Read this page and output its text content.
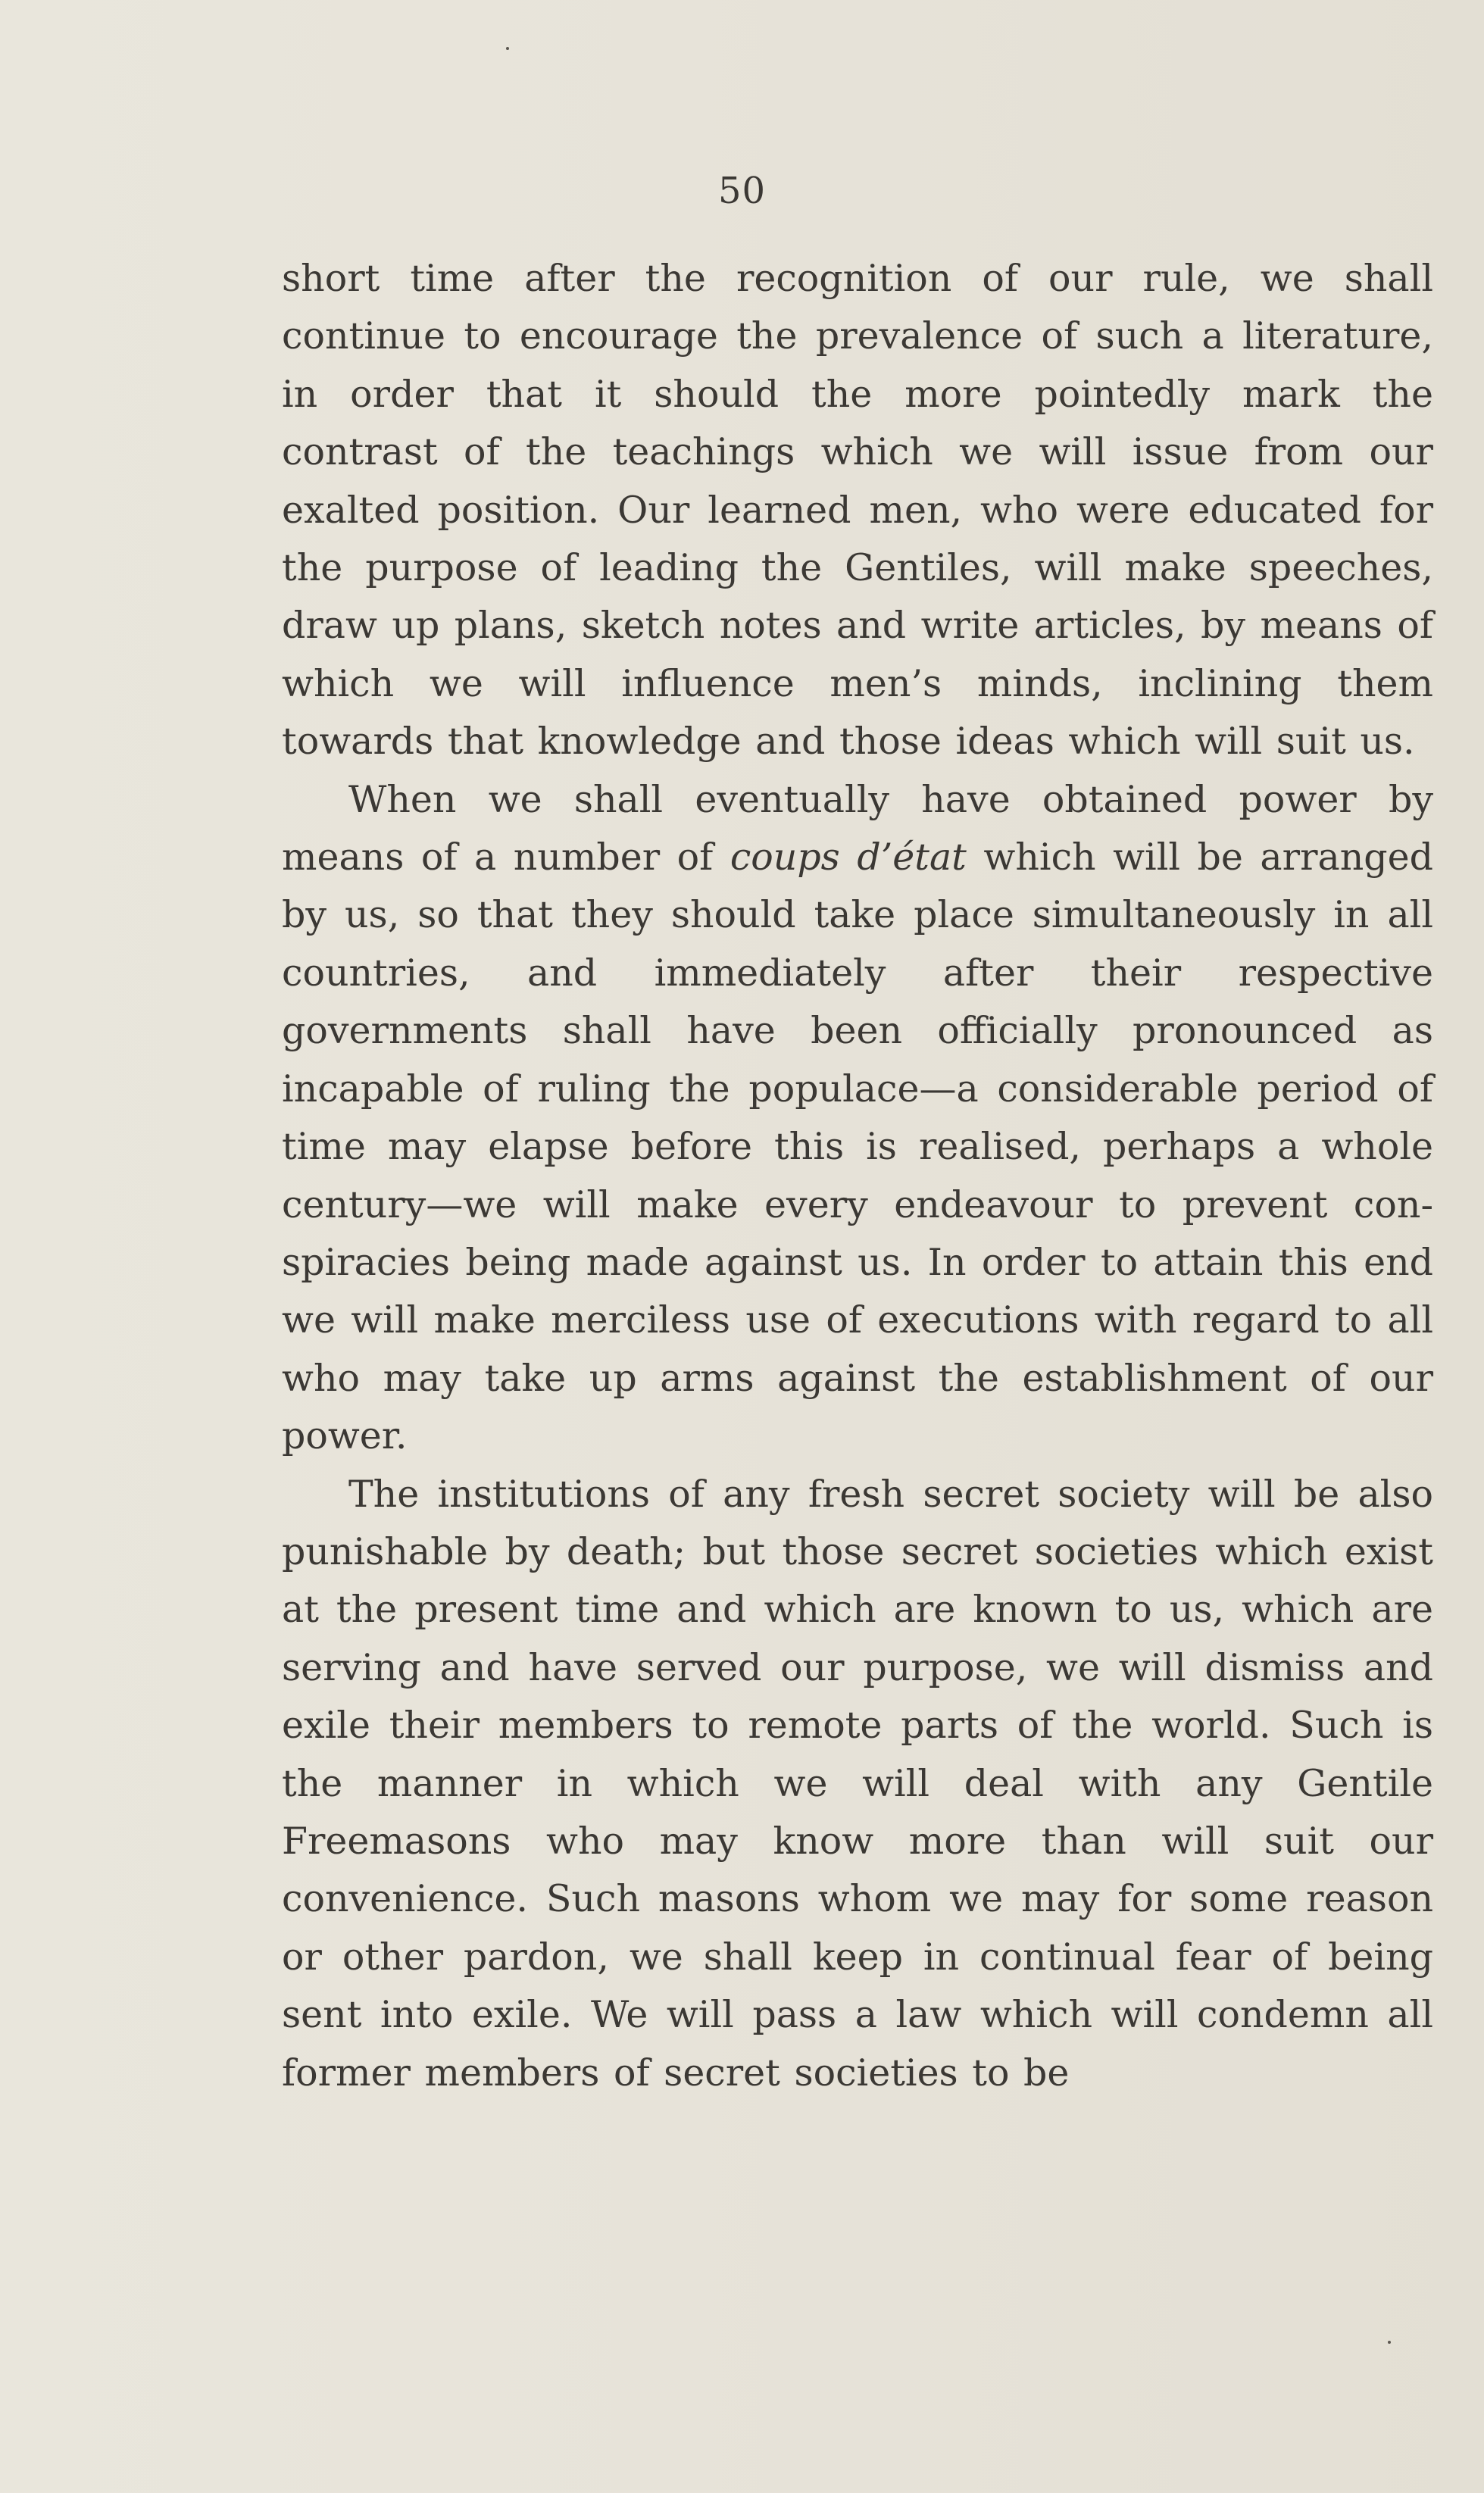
50

short time after the recognition of our rule, we shall continue to encourage the prevalence of such a literature, in order that it should the more pointedly mark the contrast of the teachings which we will issue from our exalted position. Our learned men, who were educated for the purpose of leading the Gentiles, will make speeches, draw up plans, sketch notes and write articles, by means of which we will influence men’s minds, inclining them towards that knowledge and those ideas which will suit us.

When we shall eventually have obtained power by means of a number of coups d’état which will be arranged by us, so that they should take place simultaneously in all countries, and immediately after their respective governments shall have been officially pronounced as incapable of ruling the populace—a considerable period of time may elapse before this is realised, perhaps a whole century—we will make every endeavour to prevent conspiracies being made against us. In order to attain this end we will make merciless use of executions with regard to all who may take up arms against the establishment of our power.

The institutions of any fresh secret society will be also punishable by death; but those secret societies which exist at the present time and which are known to us, which are serving and have served our purpose, we will dismiss and exile their members to remote parts of the world. Such is the manner in which we will deal with any Gentile Freemasons who may know more than will suit our convenience. Such masons whom we may for some reason or other pardon, we shall keep in continual fear of being sent into exile. We will pass a law which will condemn all former members of secret societies to be
